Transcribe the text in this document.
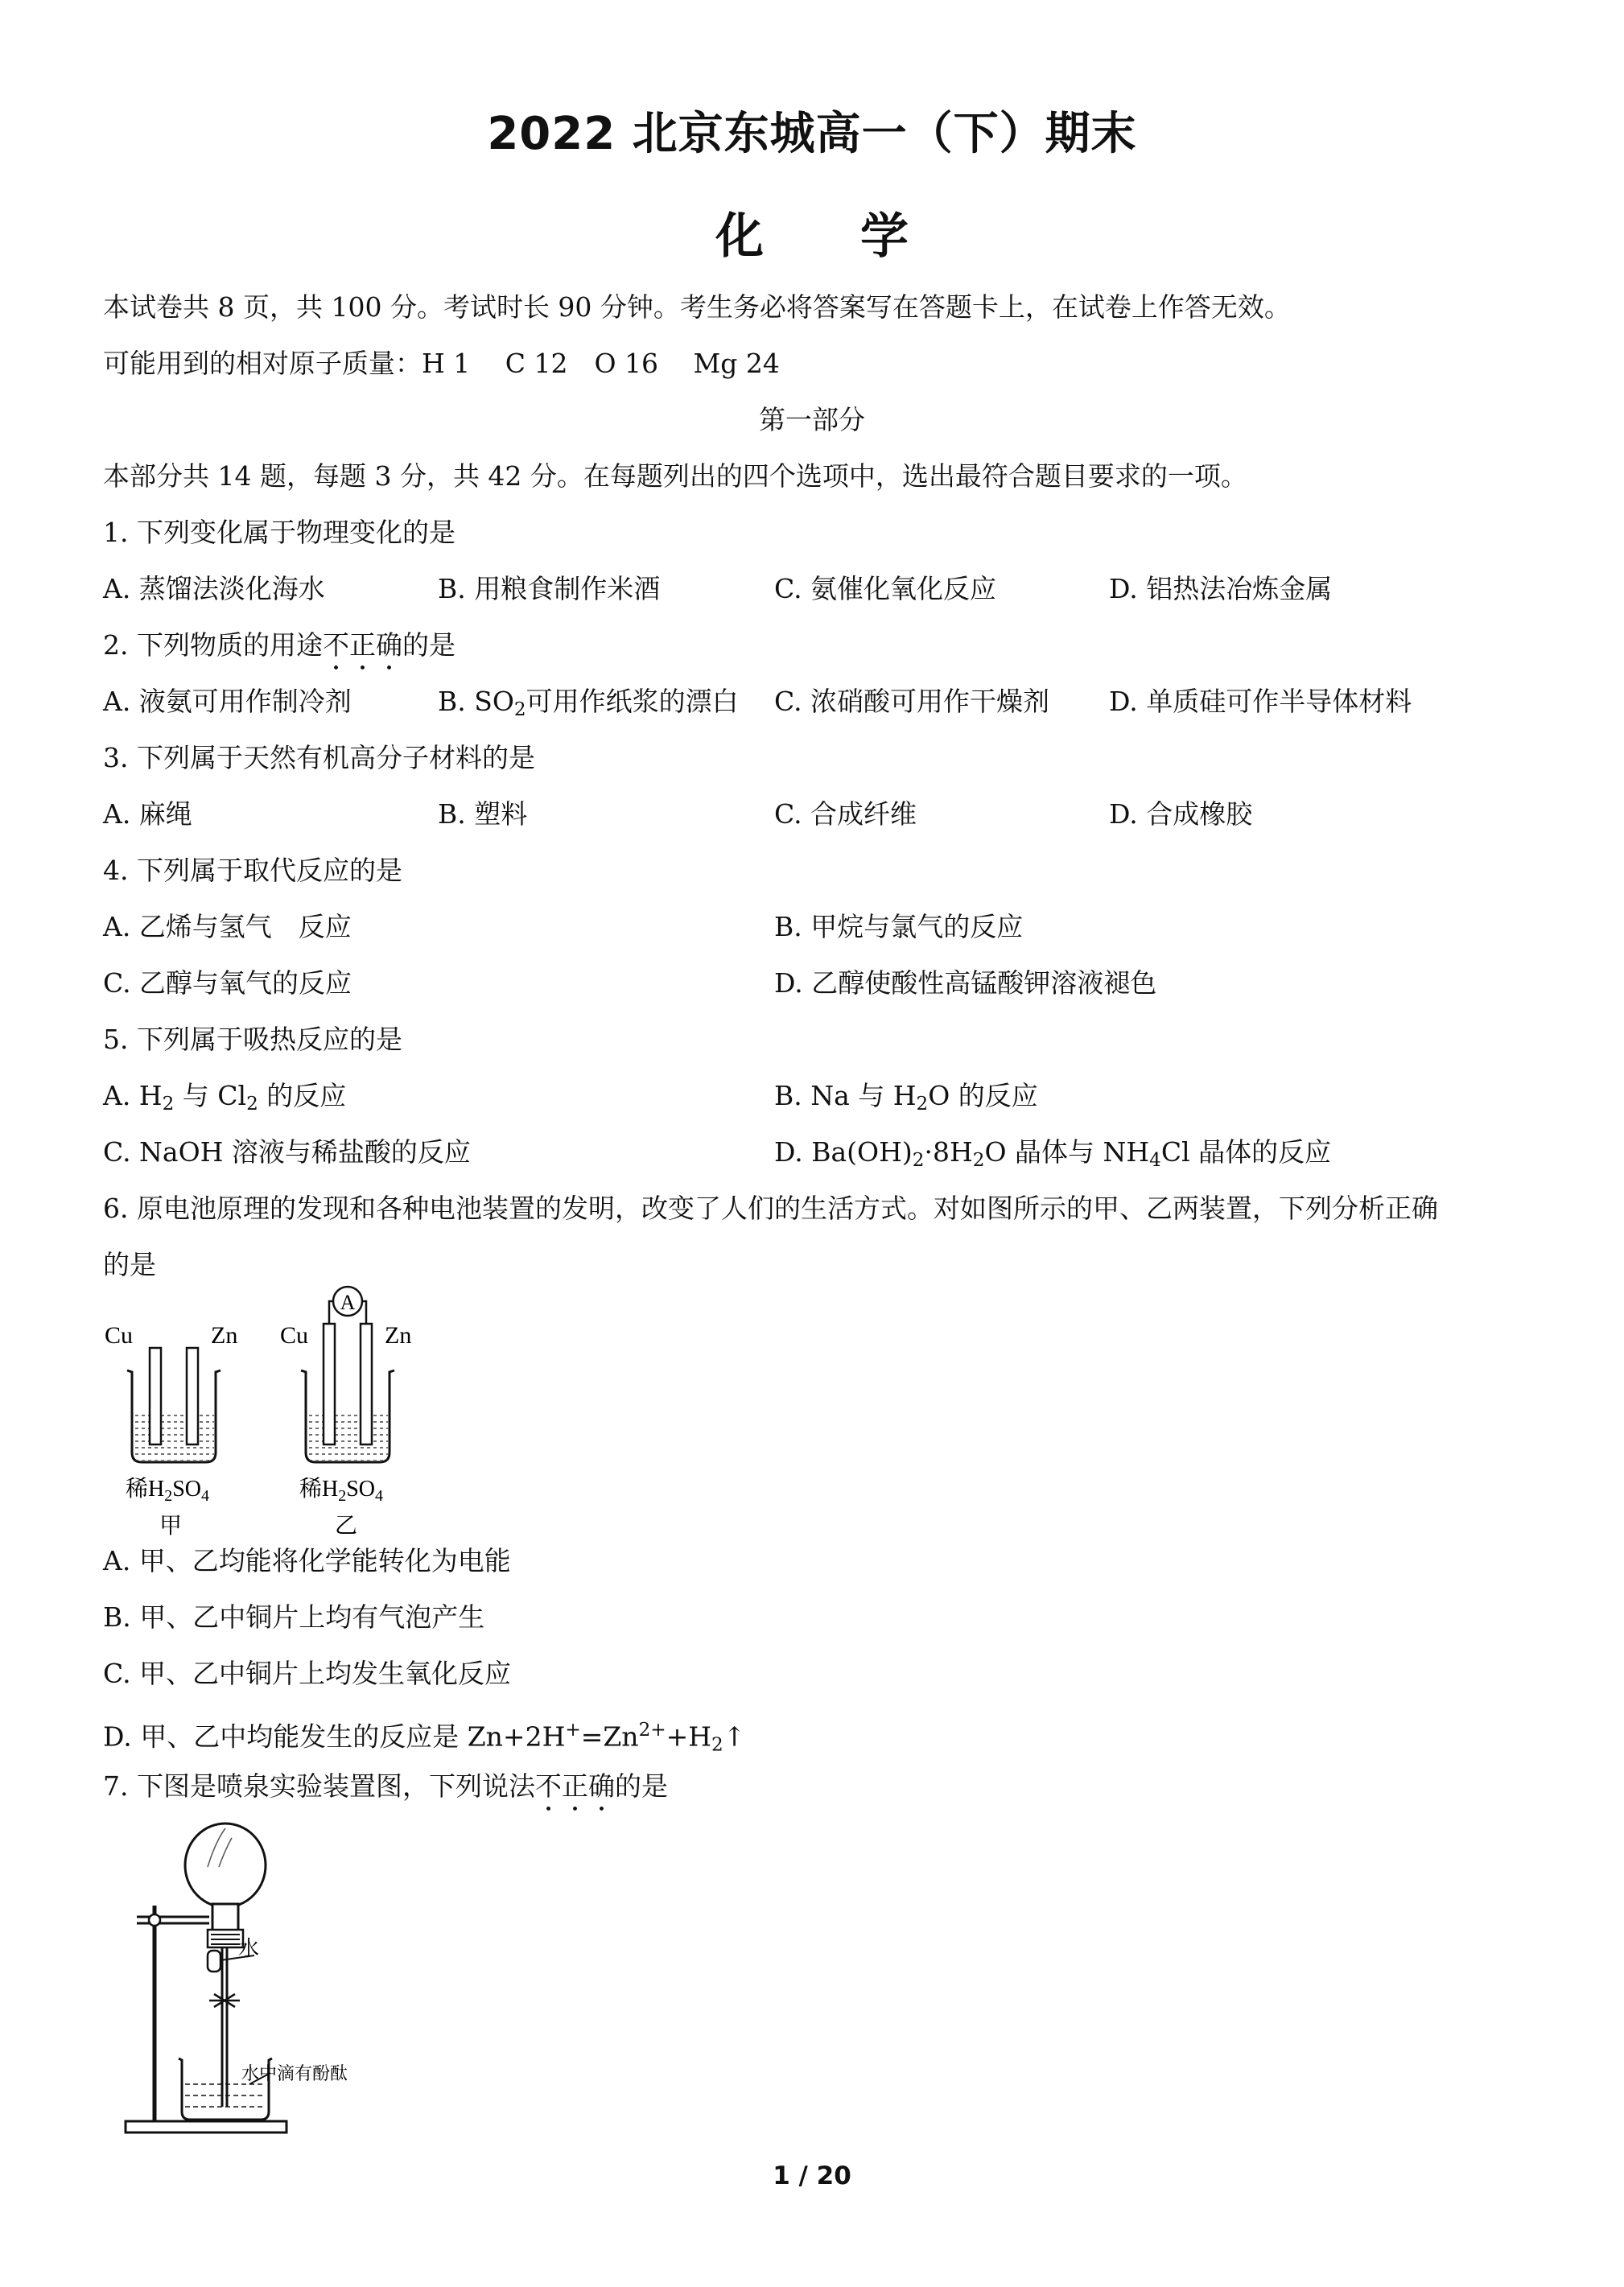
2022 北京东城高一（下）期末
化 学
本试卷共 8 页，共 100 分。考试时长 90 分钟。考生务必将答案写在答题卡上，在试卷上作答无效。
可能用到的相对原子质量：H 1　 C 12　O 16　 Mg 24
第一部分
本部分共 14 题，每题 3 分，共 42 分。在每题列出的四个选项中，选出最符合题目要求的一项。
1. 下列变化属于物理变化的是
A. 蒸馏法淡化海水	B. 用粮食制作米酒	C. 氨催化氧化反应	D. 铝热法冶炼金属
2. 下列物质的用途不正确的是
A. 液氨可用作制冷剂	B. $SO_2$可用作纸浆的漂白 C. 浓硝酸可用作干燥剂 D. 单质硅可作半导体材料
3. 下列属于天然有机高分子材料的是
A. 麻绳	B. 塑料	C. 合成纤维	D. 合成橡胶
4. 下列属于取代反应的是
A. 乙烯与氢气　反应	B. 甲烷与氯气的反应
C. 乙醇与氧气的反应	D. 乙醇使酸性高锰酸钾溶液褪色
5. 下列属于吸热反应的是
A. $H_2$ 与 $Cl_2$ 的反应	B. Na 与 $H_2O$ 的反应
C. NaOH 溶液与稀盐酸的反应	D. $Ba(OH)_2\cdot 8H_2O$ 晶体与 $NH_4Cl$ 晶体的反应
6. 原电池原理的发现和各种电池装置的发明，改变了人们的生活方式。对如图所示的甲、乙两装置，下列分析正确
的是
Cu	Zn
稀$H_2SO_4$
甲
A
Cu	Zn
稀$H_2SO_4$
乙
A. 甲、乙均能将化学能转化为电能
B. 甲、乙中铜片上均有气泡产生
C. 甲、乙中铜片上均发生氧化反应
D. 甲、乙中均能发生的反应是 $Zn+2H^+=Zn^{2+}+H_2↑$
7. 下图是喷泉实验装置图，下列说法不正确的是
水
水中滴有酚酞
1 / 20
